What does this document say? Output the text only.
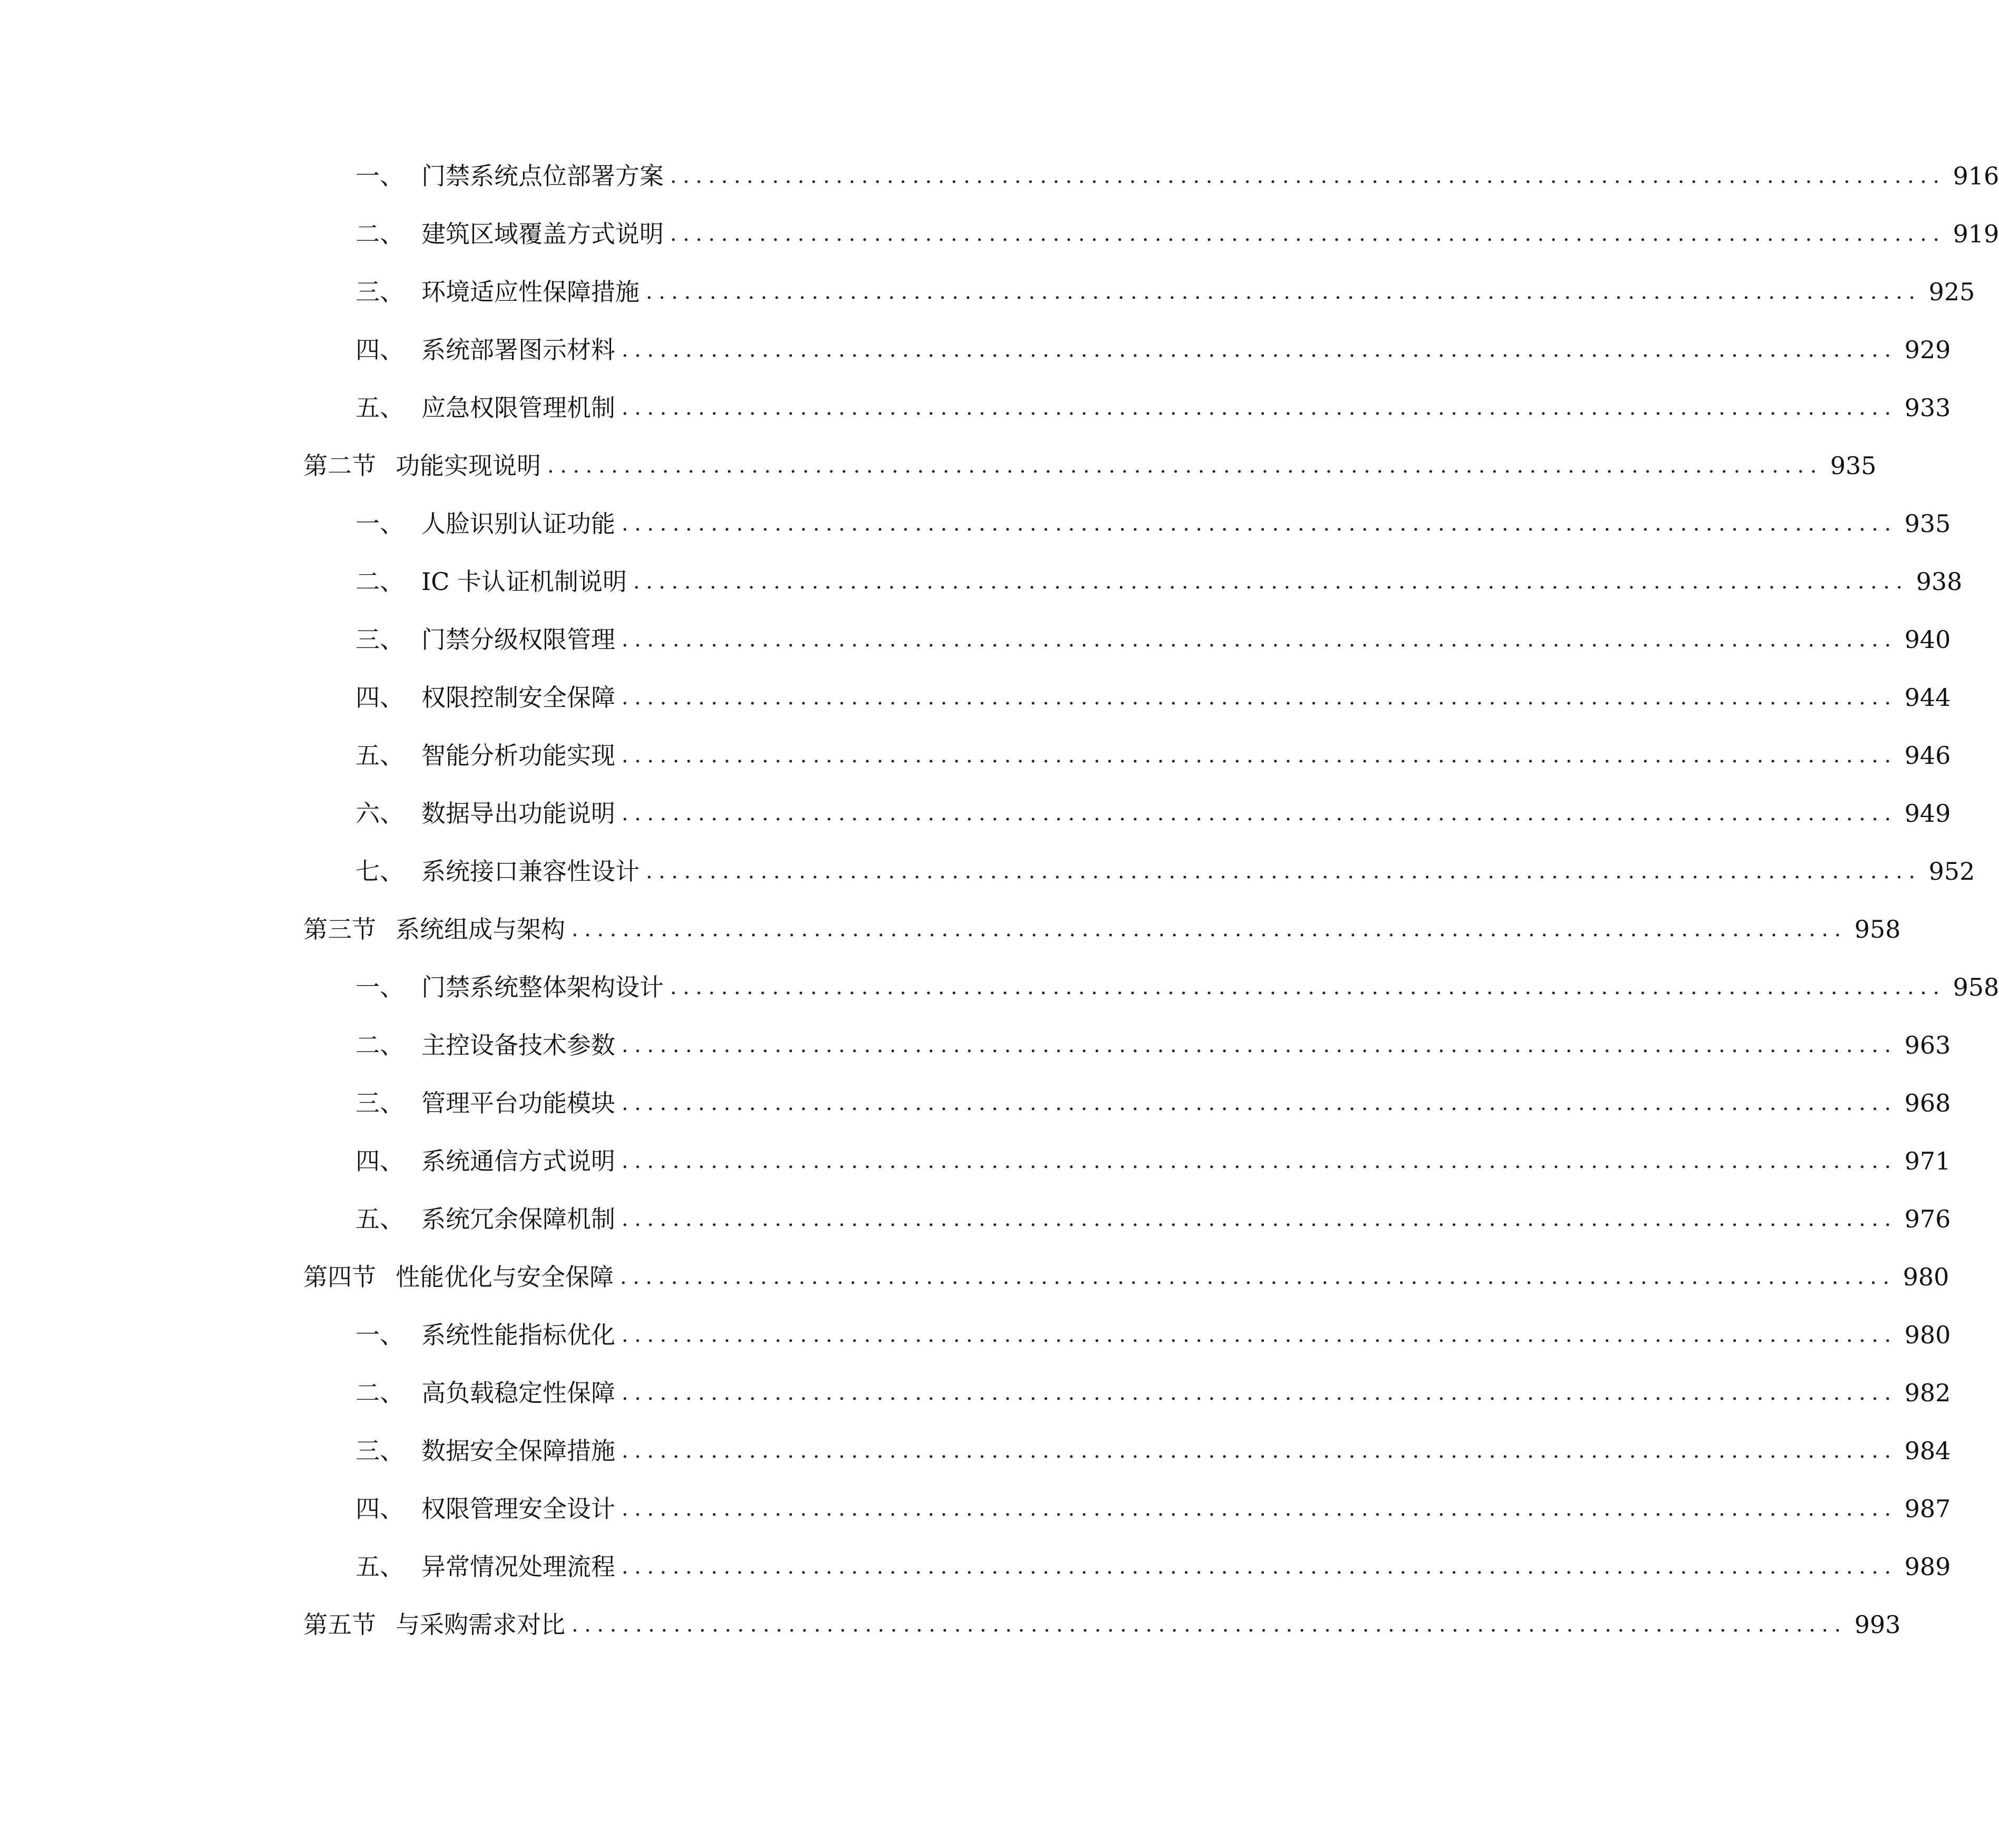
一、 门禁系统点位部署方案 .................................................................................................... 916
二、 建筑区域覆盖方式说明 .................................................................................................... 919
三、 环境适应性保障措施 .................................................................................................... 925
四、 系统部署图示材料 .................................................................................................... 929
五、 应急权限管理机制 .................................................................................................... 933
第二节 功能实现说明 .................................................................................................... 935
一、 人脸识别认证功能 .................................................................................................... 935
二、 IC 卡认证机制说明 .................................................................................................... 938
三、 门禁分级权限管理 .................................................................................................... 940
四、 权限控制安全保障 .................................................................................................... 944
五、 智能分析功能实现 .................................................................................................... 946
六、 数据导出功能说明 .................................................................................................... 949
七、 系统接口兼容性设计 .................................................................................................... 952
第三节 系统组成与架构 .................................................................................................... 958
一、 门禁系统整体架构设计 .................................................................................................... 958
二、 主控设备技术参数 .................................................................................................... 963
三、 管理平台功能模块 .................................................................................................... 968
四、 系统通信方式说明 .................................................................................................... 971
五、 系统冗余保障机制 .................................................................................................... 976
第四节 性能优化与安全保障 .................................................................................................... 980
一、 系统性能指标优化 .................................................................................................... 980
二、 高负载稳定性保障 .................................................................................................... 982
三、 数据安全保障措施 .................................................................................................... 984
四、 权限管理安全设计 .................................................................................................... 987
五、 异常情况处理流程 .................................................................................................... 989
第五节 与采购需求对比 .................................................................................................... 993
